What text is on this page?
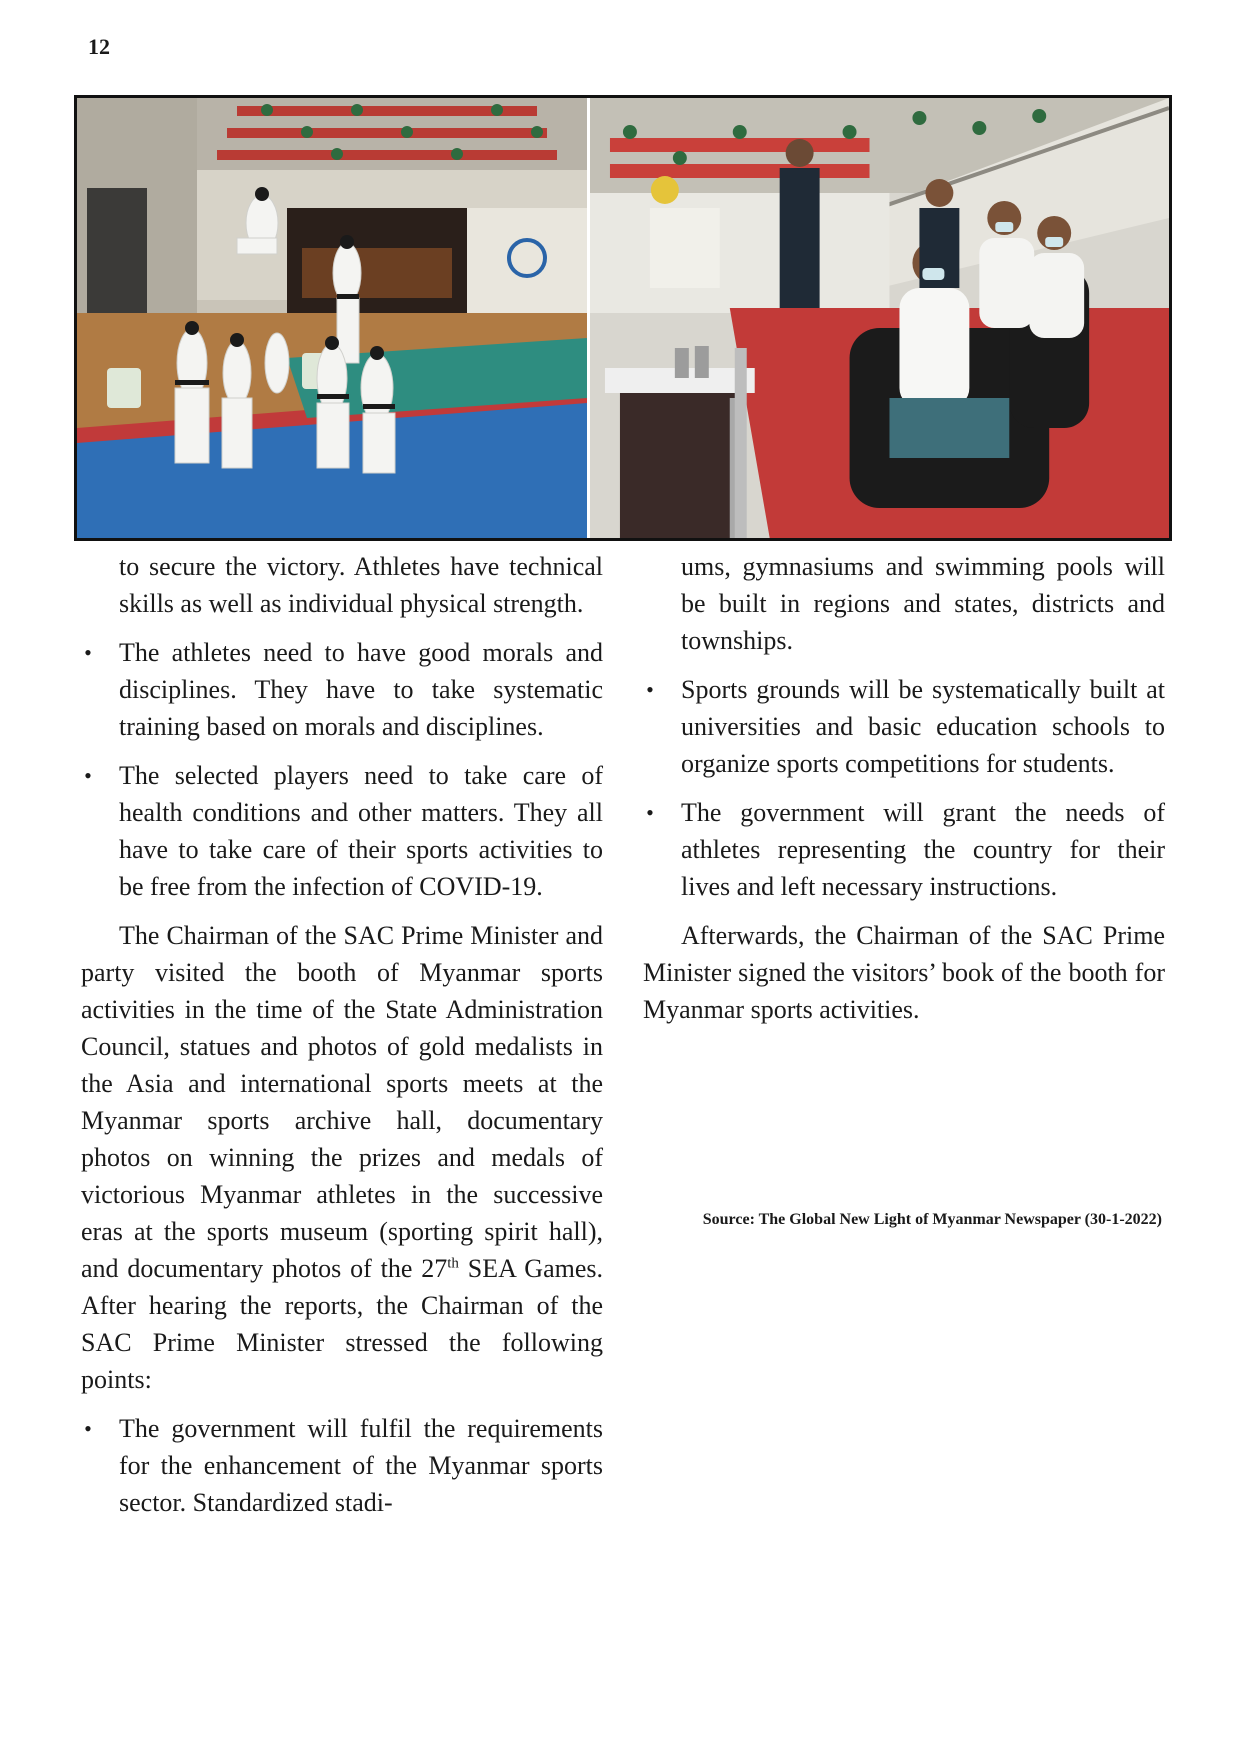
12

to secure the victory. Athletes have technical skills as well as individual physical strength.

• The athletes need to have good morals and disciplines. They have to take systematic training based on morals and disciplines.
• The selected players need to take care of health conditions and other matters. They all have to take care of their sports activities to be free from the infection of COVID-19.

The Chairman of the SAC Prime Minister and party visited the booth of Myanmar sports activities in the time of the State Administration Council, statues and photos of gold medalists in the Asia and international sports meets at the Myanmar sports archive hall, documentary photos on winning the prizes and medals of victorious Myanmar athletes in the successive eras at the sports museum (sporting spirit hall), and documentary photos of the 27th SEA Games. After hearing the reports, the Chairman of the SAC Prime Minister stressed the following points:

• The government will fulfil the requirements for the enhancement of the Myanmar sports sector. Standardized stadi-

ums, gymnasiums and swimming pools will be built in regions and states, districts and townships.

• Sports grounds will be systematically built at universities and basic education schools to organize sports competitions for students.
• The government will grant the needs of athletes representing the country for their lives and left necessary instructions.

Afterwards, the Chairman of the SAC Prime Minister signed the visitors’ book of the booth for Myanmar sports activities.

Source: The Global New Light of Myanmar Newspaper (30-1-2022)
